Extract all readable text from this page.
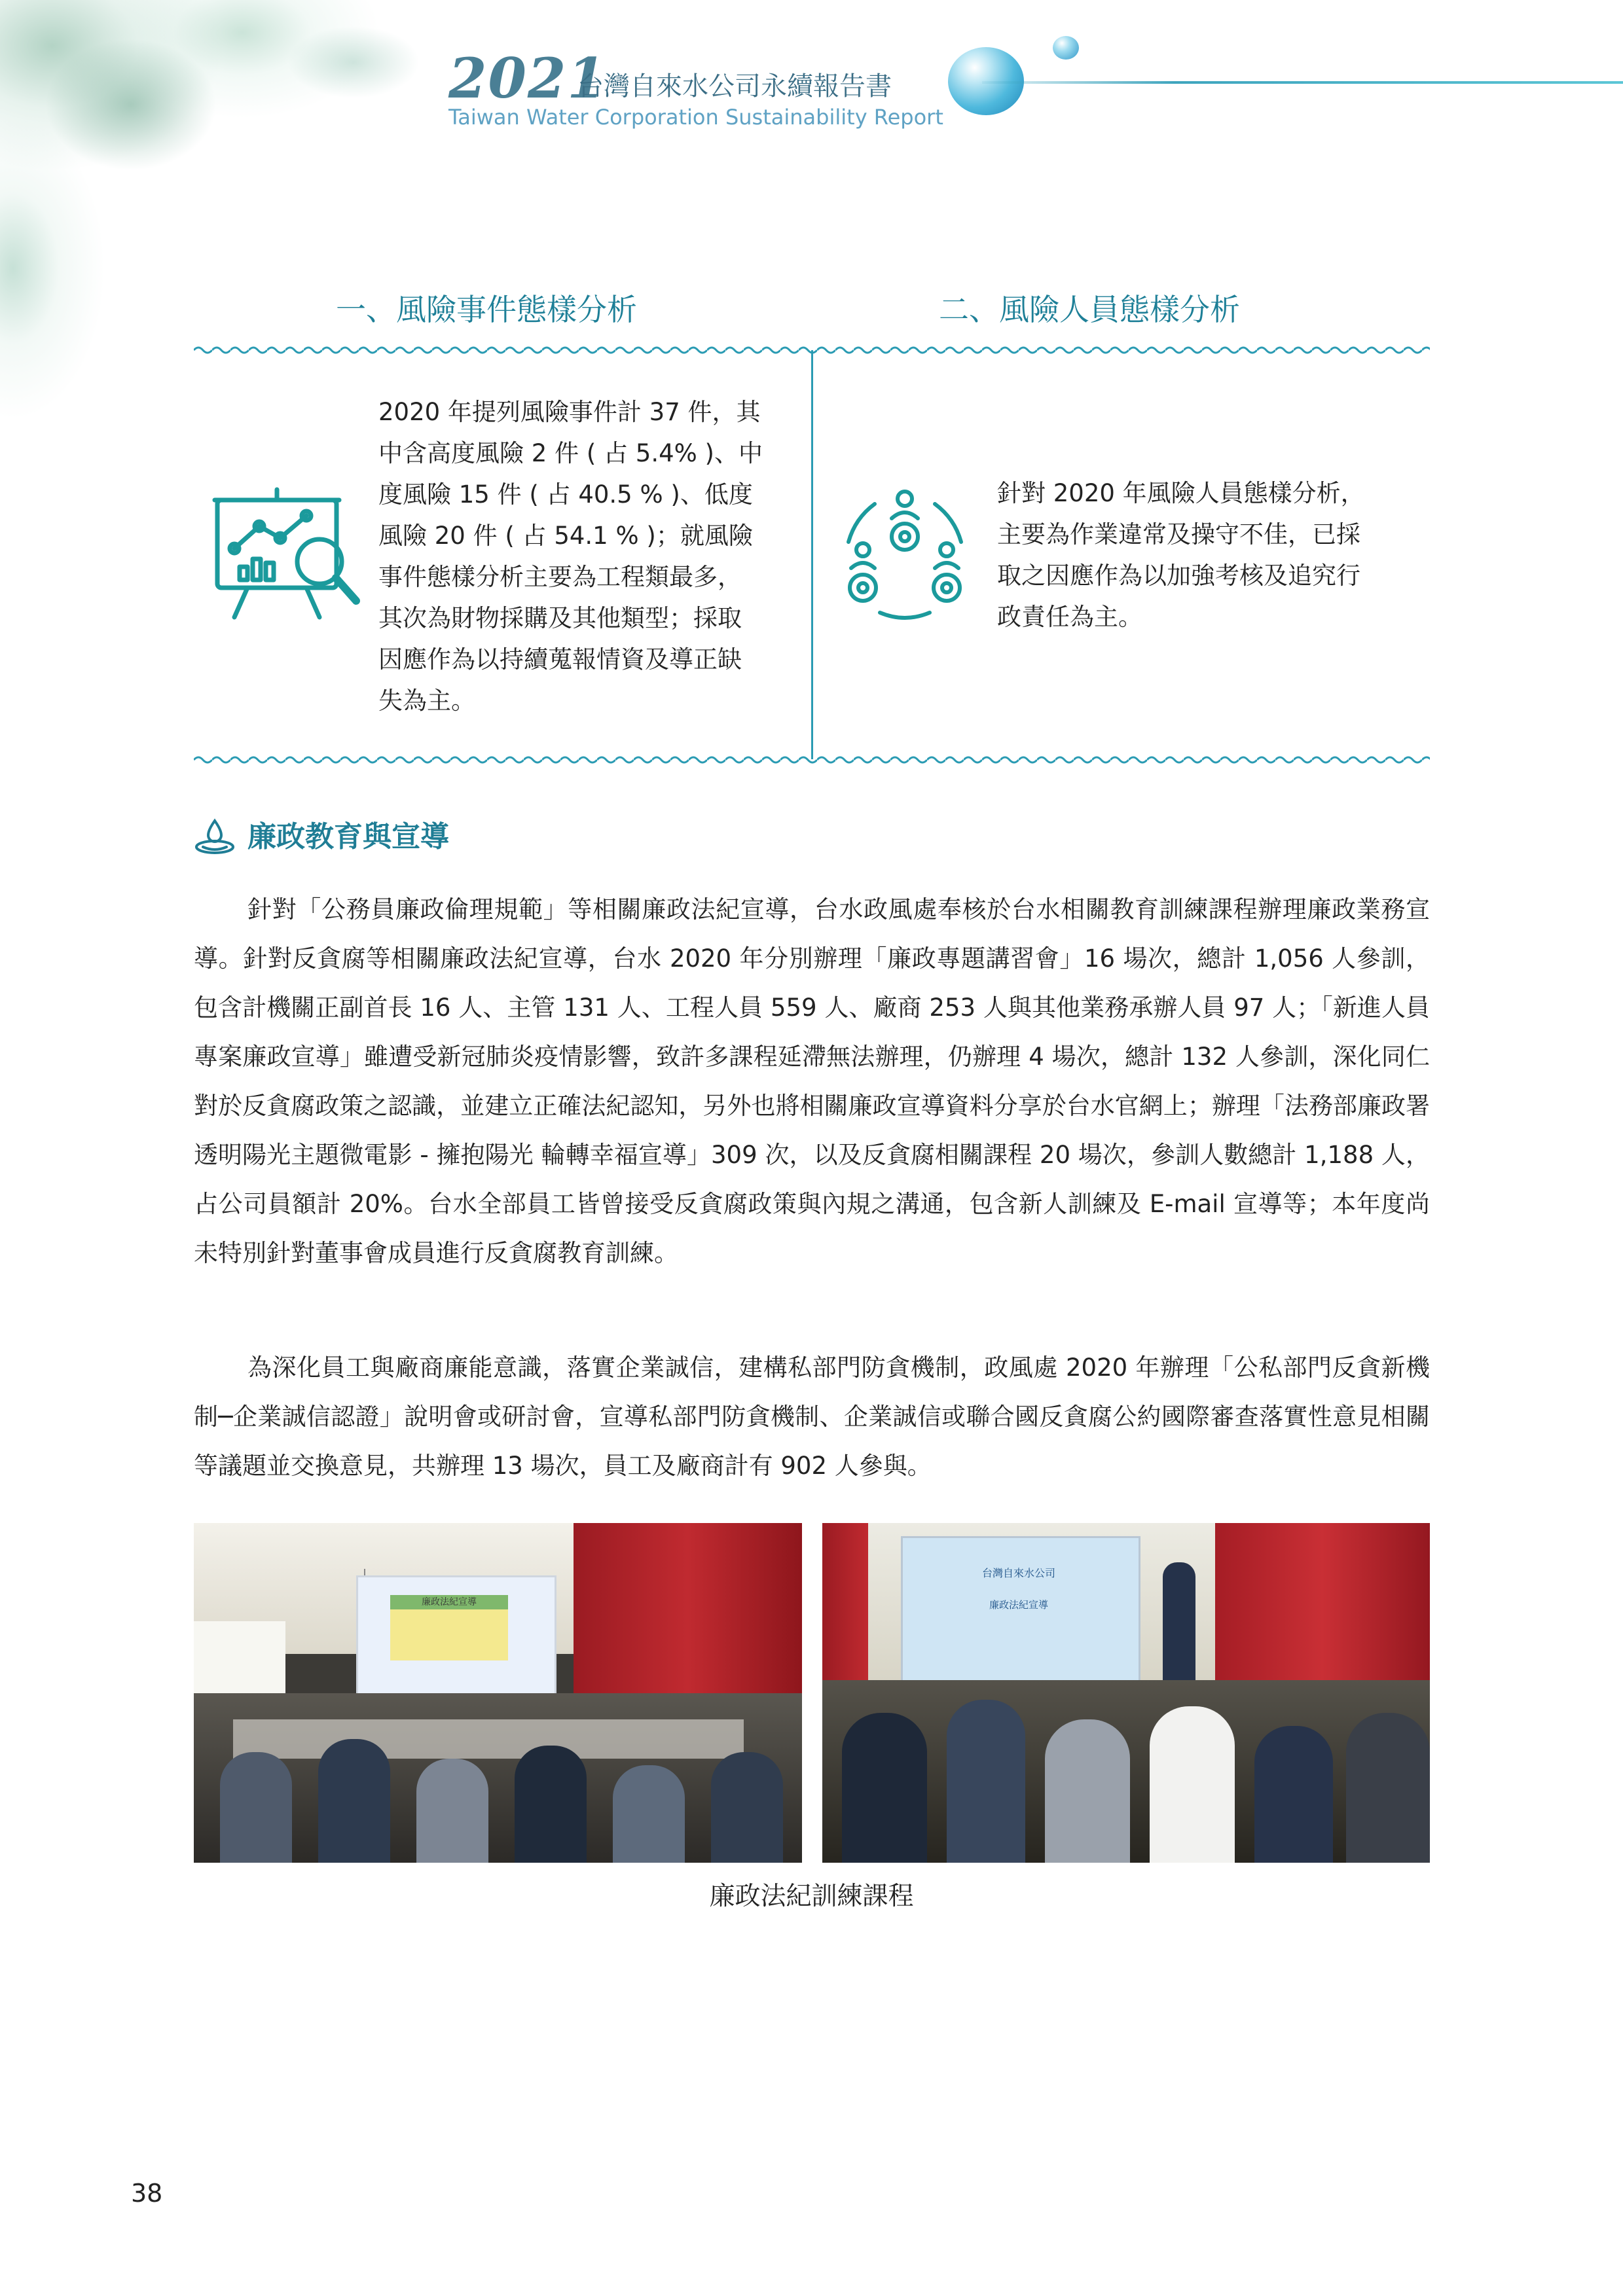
2021
台灣自來水公司永續報告書
Taiwan Water Corporation Sustainability Report
一、風險事件態樣分析	二、風險人員態樣分析
2020 年提列風險事件計 37 件，其
中含高度風險 2 件 ( 占 5.4% )、中
度風險 15 件 ( 占 40.5 % )、低度
風險 20 件 ( 占 54.1 % )；就風險
事件態樣分析主要為工程類最多，
其次為財物採購及其他類型；採取
因應作為以持續蒐報情資及導正缺
失為主。
針對 2020 年風險人員態樣分析，
主要為作業違常及操守不佳，已採
取之因應作為以加強考核及追究行
政責任為主。
廉政教育與宣導

針對「公務員廉政倫理規範」等相關廉政法紀宣導，台水政風處奉核於台水相關教育訓練課程辦理廉政業務宣導。針對反貪腐等相關廉政法紀宣導，台水 2020 年分別辦理「廉政專題講習會」16 場次，總計 1,056 人參訓，包含計機關正副首長 16 人、主管 131 人、工程人員 559 人、廠商 253 人與其他業務承辦人員 97 人；「新進人員專案廉政宣導」雖遭受新冠肺炎疫情影響，致許多課程延滯無法辦理，仍辦理 4 場次，總計 132 人參訓，深化同仁對於反貪腐政策之認識，並建立正確法紀認知，另外也將相關廉政宣導資料分享於台水官網上；辦理「法務部廉政署透明陽光主題微電影 - 擁抱陽光 輪轉幸福宣導」309 次，以及反貪腐相關課程 20 場次，參訓人數總計 1,188 人，占公司員額計 20%。台水全部員工皆曾接受反貪腐政策與內規之溝通，包含新人訓練及 E-mail 宣導等；本年度尚未特別針對董事會成員進行反貪腐教育訓練。

為深化員工與廠商廉能意識，落實企業誠信，建構私部門防貪機制，政風處 2020 年辦理「公私部門反貪新機制─企業誠信認證」說明會或研討會，宣導私部門防貪機制、企業誠信或聯合國反貪腐公約國際審查落實性意見相關等議題並交換意見，共辦理 13 場次，員工及廠商計有 902 人參與。

廉政法紀宣導
台灣自來水公司
廉政法紀宣導
廉政法紀訓練課程
38
